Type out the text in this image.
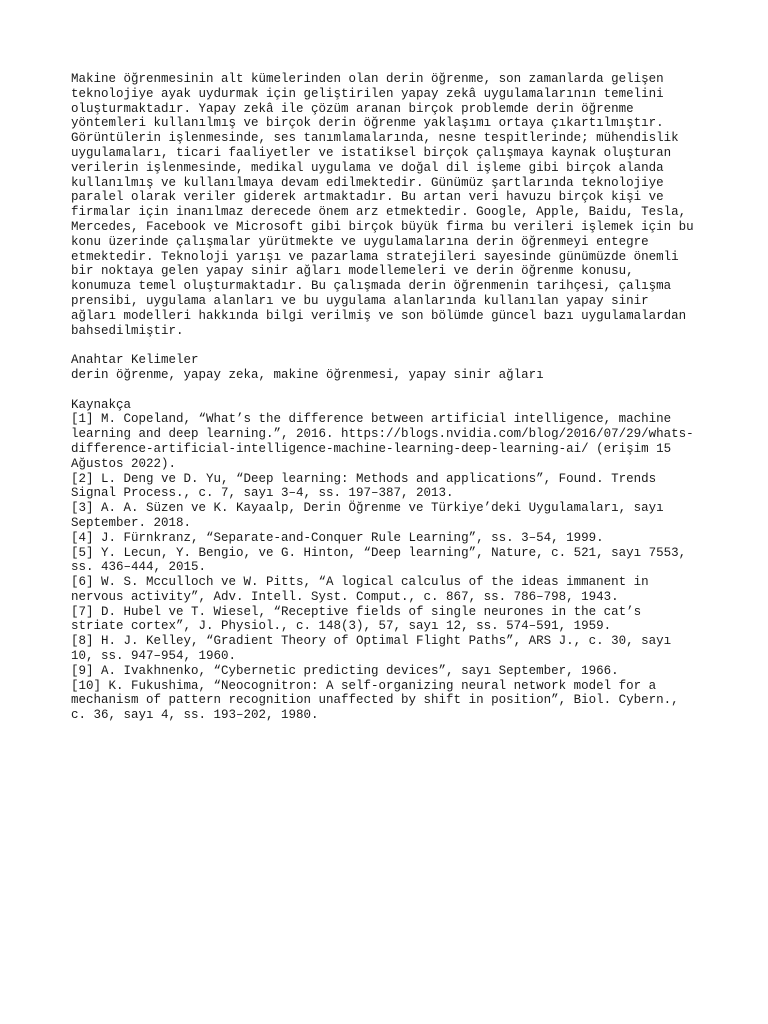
Makine öğrenmesinin alt kümelerinden olan derin öğrenme, son zamanlarda gelişen
teknolojiye ayak uydurmak için geliştirilen yapay zekâ uygulamalarının temelini
oluşturmaktadır. Yapay zekâ ile çözüm aranan birçok problemde derin öğrenme
yöntemleri kullanılmış ve birçok derin öğrenme yaklaşımı ortaya çıkartılmıştır.
Görüntülerin işlenmesinde, ses tanımlamalarında, nesne tespitlerinde; mühendislik
uygulamaları, ticari faaliyetler ve istatiksel birçok çalışmaya kaynak oluşturan
verilerin işlenmesinde, medikal uygulama ve doğal dil işleme gibi birçok alanda
kullanılmış ve kullanılmaya devam edilmektedir. Günümüz şartlarında teknolojiye
paralel olarak veriler giderek artmaktadır. Bu artan veri havuzu birçok kişi ve
firmalar için inanılmaz derecede önem arz etmektedir. Google, Apple, Baidu, Tesla,
Mercedes, Facebook ve Microsoft gibi birçok büyük firma bu verileri işlemek için bu
konu üzerinde çalışmalar yürütmekte ve uygulamalarına derin öğrenmeyi entegre
etmektedir. Teknoloji yarışı ve pazarlama stratejileri sayesinde günümüzde önemli
bir noktaya gelen yapay sinir ağları modellemeleri ve derin öğrenme konusu,
konumuza temel oluşturmaktadır. Bu çalışmada derin öğrenmenin tarihçesi, çalışma
prensibi, uygulama alanları ve bu uygulama alanlarında kullanılan yapay sinir
ağları modelleri hakkında bilgi verilmiş ve son bölümde güncel bazı uygulamalardan
bahsedilmiştir.

Anahtar Kelimeler

derin öğrenme, yapay zeka, makine öğrenmesi, yapay sinir ağları

Kaynakça

[1] M. Copeland, “What’s the difference between artificial intelligence, machine
learning and deep learning.”, 2016. https://blogs.nvidia.com/blog/2016/07/29/whats-
difference-artificial-intelligence-machine-learning-deep-learning-ai/ (erişim 15
Ağustos 2022).

[2] L. Deng ve D. Yu, “Deep learning: Methods and applications”, Found. Trends
Signal Process., c. 7, sayı 3–4, ss. 197–387, 2013.

[3] A. A. Süzen ve K. Kayaalp, Derin Öğrenme ve Türkiye’deki Uygulamaları, sayı
September. 2018.

[4] J. Fürnkranz, “Separate-and-Conquer Rule Learning”, ss. 3–54, 1999.

[5] Y. Lecun, Y. Bengio, ve G. Hinton, “Deep learning”, Nature, c. 521, sayı 7553,
ss. 436–444, 2015.

[6] W. S. Mcculloch ve W. Pitts, “A logical calculus of the ideas immanent in
nervous activity”, Adv. Intell. Syst. Comput., c. 867, ss. 786–798, 1943.

[7] D. Hubel ve T. Wiesel, “Receptive fields of single neurones in the cat’s
striate cortex”, J. Physiol., c. 148(3), 57, sayı 12, ss. 574–591, 1959.

[8] H. J. Kelley, “Gradient Theory of Optimal Flight Paths”, ARS J., c. 30, sayı
10, ss. 947–954, 1960.

[9] A. Ivakhnenko, “Cybernetic predicting devices”, sayı September, 1966.

[10] K. Fukushima, “Neocognitron: A self-organizing neural network model for a
mechanism of pattern recognition unaffected by shift in position”, Biol. Cybern.,
c. 36, sayı 4, ss. 193–202, 1980.
